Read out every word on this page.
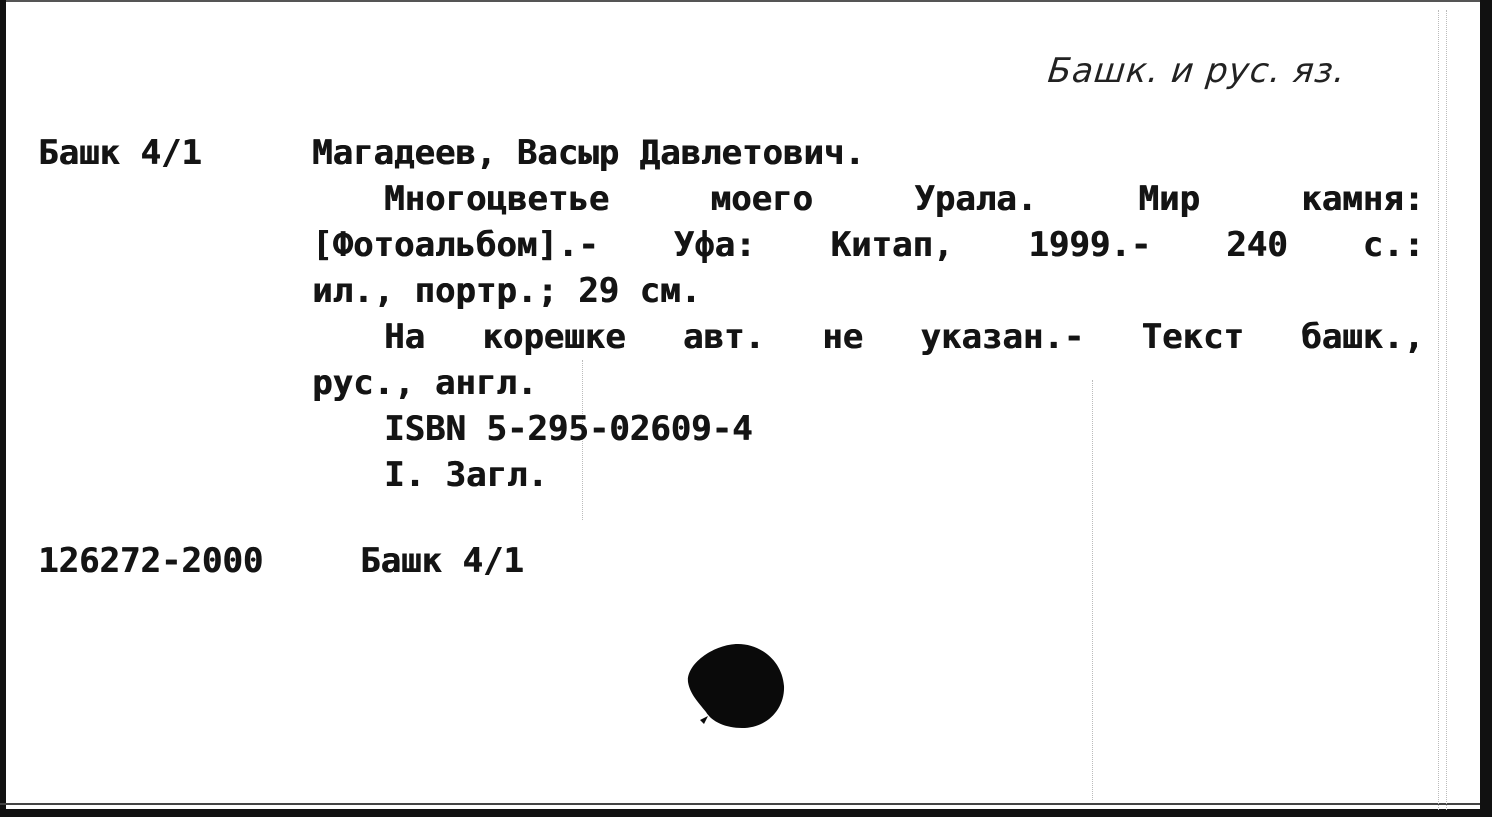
Башк. и рус. яз.
Башк 4/1	Магадеев, Васыр Давлетович.
Многоцветье моего Урала. Мир камня:
[Фотоальбом].- Уфа: Китап, 1999.- 240 с.:
ил., портр.; 29 см.
На корешке авт. не указан.- Текст башк.,
рус., англ.
ISBN 5-295-02609-4
I. Загл.
126272-2000	Башк 4/1
